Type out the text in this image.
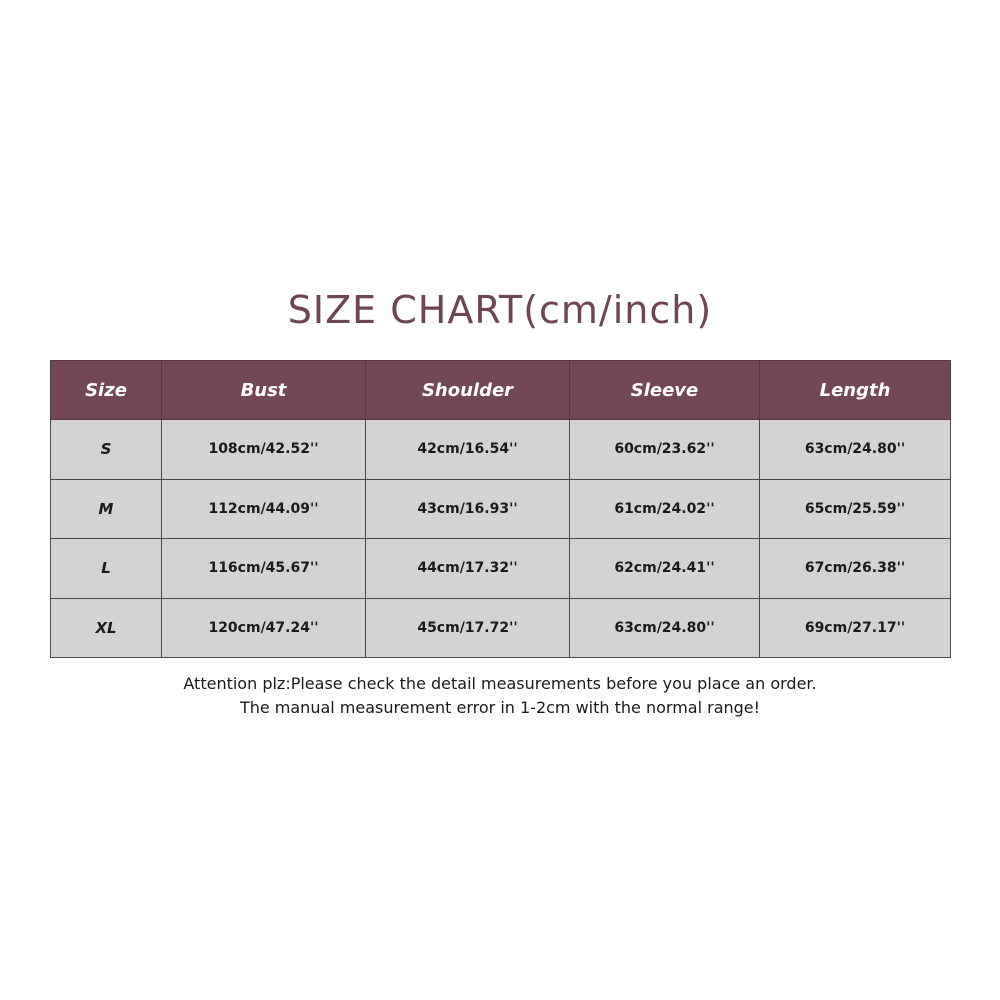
SIZE CHART(cm/inch)
Size	Bust	Shoulder	Sleeve	Length
S	108cm/42.52''	42cm/16.54''	60cm/23.62''	63cm/24.80''
M	112cm/44.09''	43cm/16.93''	61cm/24.02''	65cm/25.59''
L	116cm/45.67''	44cm/17.32''	62cm/24.41''	67cm/26.38''
XL	120cm/47.24''	45cm/17.72''	63cm/24.80''	69cm/27.17''
Attention plz:Please check the detail measurements before you place an order.
The manual measurement error in 1-2cm with the normal range!
